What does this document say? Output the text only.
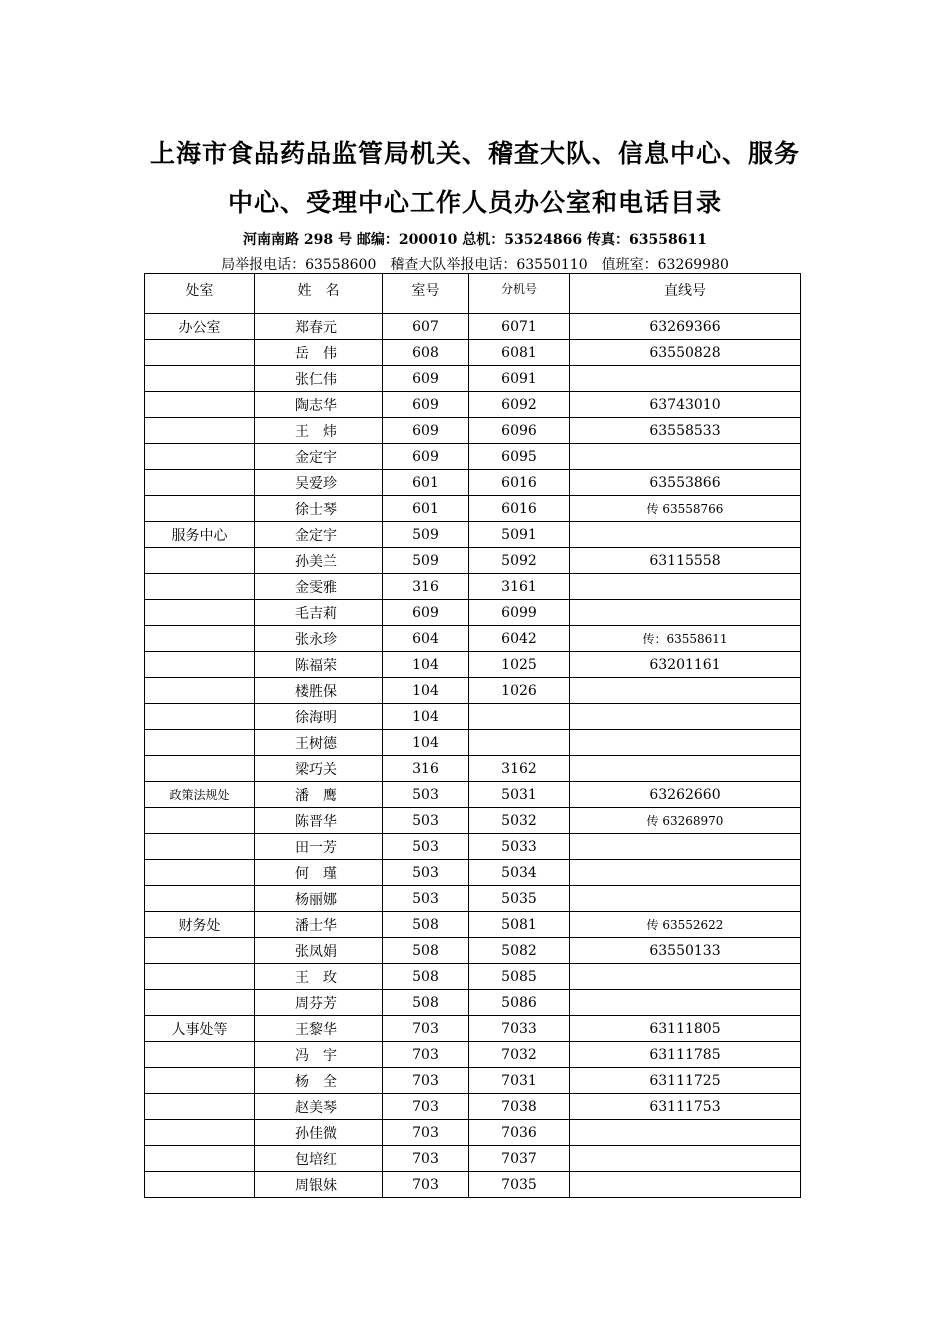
上海市食品药品监管局机关、稽查大队、信息中心、服务
中心、受理中心工作人员办公室和电话目录
河南南路 298 号 邮编：200010 总机：53524866 传真：63558611
局举报电话：63558600 稽查大队举报电话：63550110 值班室：63269980
处室	姓　名	室号	分机号	直线号
办公室	郑春元	607	6071	63269366
	岳　伟	608	6081	63550828
	张仁伟	609	6091	
	陶志华	609	6092	63743010
	王　炜	609	6096	63558533
	金定宇	609	6095	
	吴爱珍	601	6016	63553866
	徐士琴	601	6016	传 63558766
服务中心	金定宇	509	5091	
	孙美兰	509	5092	63115558
	金雯雅	316	3161	
	毛吉莉	609	6099	
	张永珍	604	6042	传：63558611
	陈福荣	104	1025	63201161
	楼胜保	104	1026	
	徐海明	104		
	王树德	104		
	梁巧关	316	3162	
政策法规处	潘　鹰	503	5031	63262660
	陈晋华	503	5032	传 63268970
	田一芳	503	5033	
	何　瑾	503	5034	
	杨丽娜	503	5035	
财务处	潘士华	508	5081	传 63552622
	张凤娟	508	5082	63550133
	王　玫	508	5085	
	周芬芳	508	5086	
人事处等	王黎华	703	7033	63111805
	冯　宇	703	7032	63111785
	杨　全	703	7031	63111725
	赵美琴	703	7038	63111753
	孙佳微	703	7036	
	包培红	703	7037	
	周银妹	703	7035	
